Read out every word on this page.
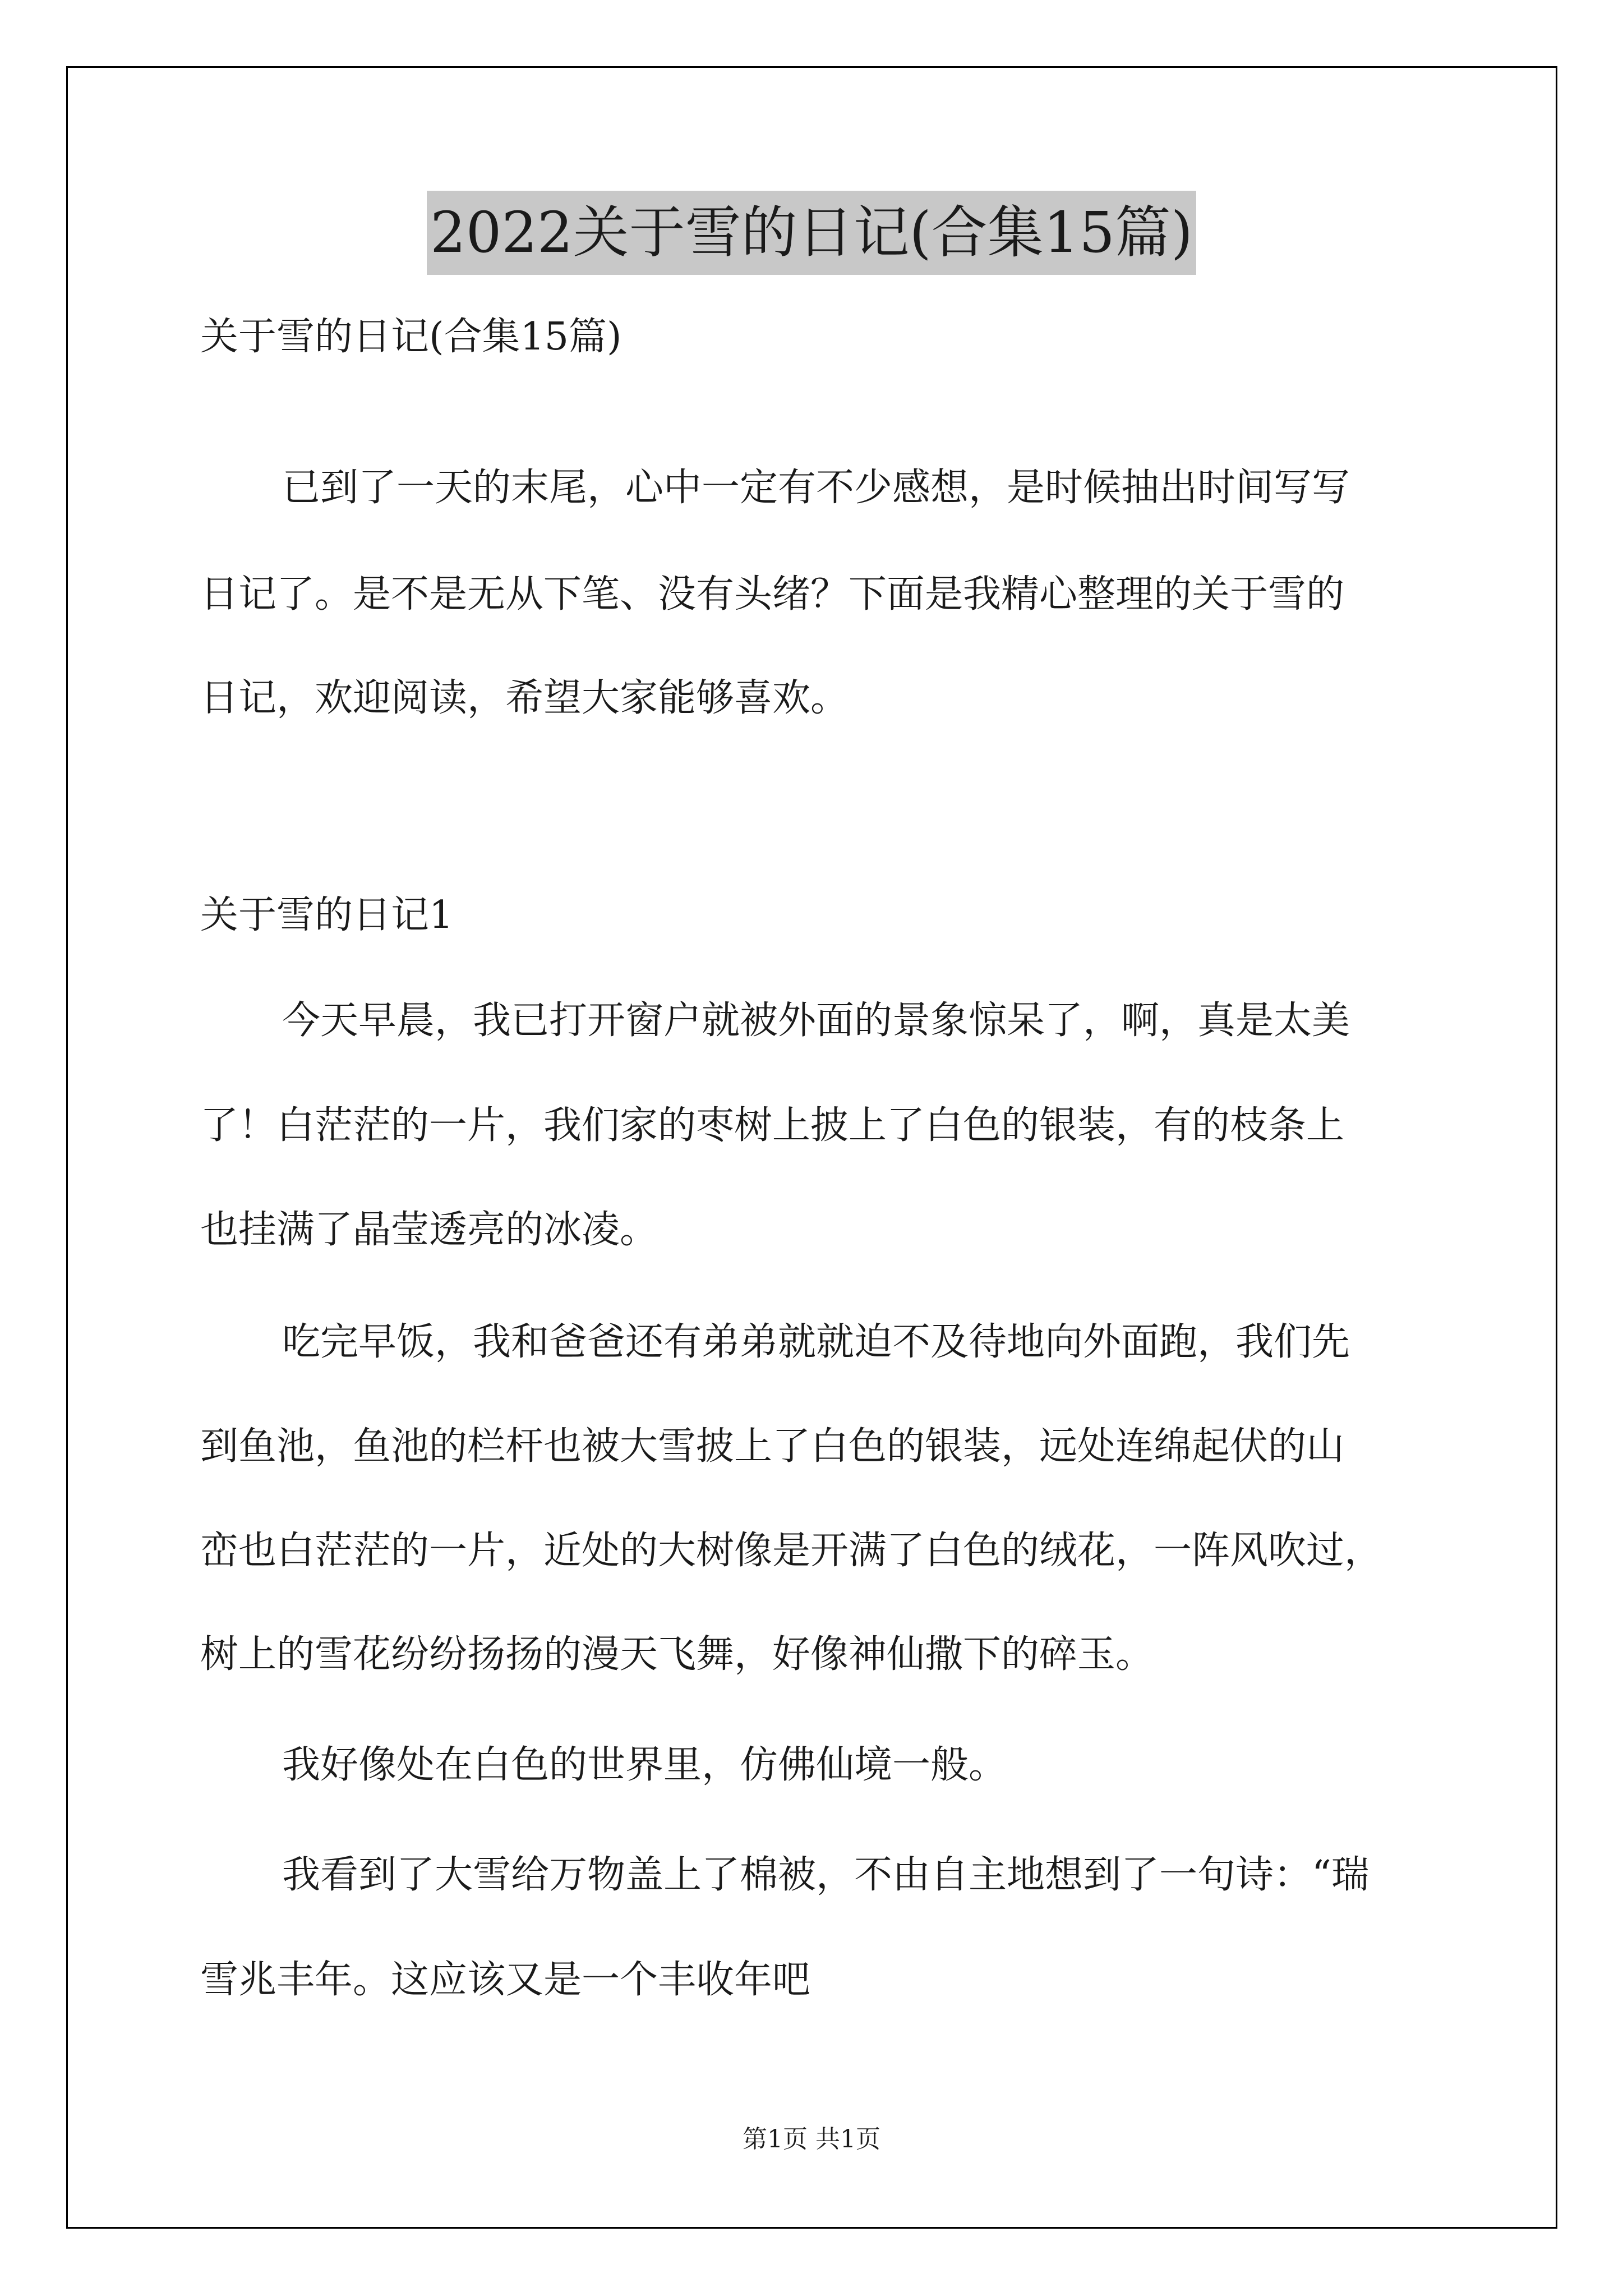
2022关于雪的日记(合集15篇)

关于雪的日记(合集15篇)

已到了一天的末尾，心中一定有不少感想，是时候抽出时间写写

日记了。是不是无从下笔、没有头绪？下面是我精心整理的关于雪的

日记，欢迎阅读，希望大家能够喜欢。

关于雪的日记1

今天早晨，我已打开窗户就被外面的景象惊呆了，啊，真是太美

了！白茫茫的一片，我们家的枣树上披上了白色的银装，有的枝条上

也挂满了晶莹透亮的冰凌。

吃完早饭，我和爸爸还有弟弟就就迫不及待地向外面跑，我们先

到鱼池，鱼池的栏杆也被大雪披上了白色的银装，远处连绵起伏的山

峦也白茫茫的一片，近处的大树像是开满了白色的绒花，一阵风吹过，

树上的雪花纷纷扬扬的漫天飞舞，好像神仙撒下的碎玉。

我好像处在白色的世界里，仿佛仙境一般。

我看到了大雪给万物盖上了棉被，不由自主地想到了一句诗：“瑞

雪兆丰年。这应该又是一个丰收年吧

第1页 共1页
